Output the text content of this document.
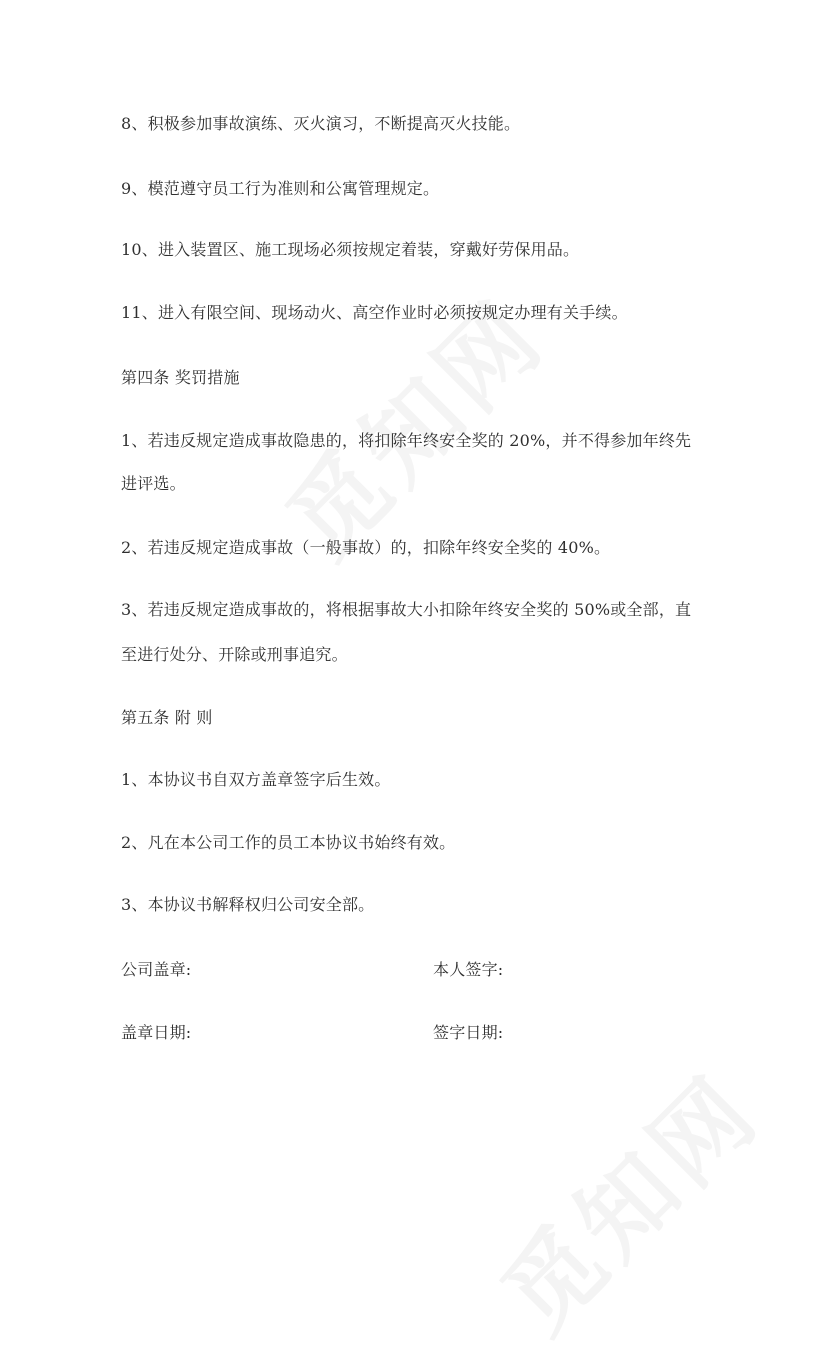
8、积极参加事故演练、灭火演习，不断提高灭火技能。
9、模范遵守员工行为准则和公寓管理规定。
10、进入装置区、施工现场必须按规定着装，穿戴好劳保用品。
11、进入有限空间、现场动火、高空作业时必须按规定办理有关手续。
第四条 奖罚措施
1、若违反规定造成事故隐患的，将扣除年终安全奖的 20%，并不得参加年终先
进评选。
2、若违反规定造成事故（一般事故）的，扣除年终安全奖的 40%。
3、若违反规定造成事故的，将根据事故大小扣除年终安全奖的 50%或全部，直
至进行处分、开除或刑事追究。
第五条 附 则
1、本协议书自双方盖章签字后生效。
2、凡在本公司工作的员工本协议书始终有效。
3、本协议书解释权归公司安全部。
公司盖章:	本人签字:
盖章日期:	签字日期:
